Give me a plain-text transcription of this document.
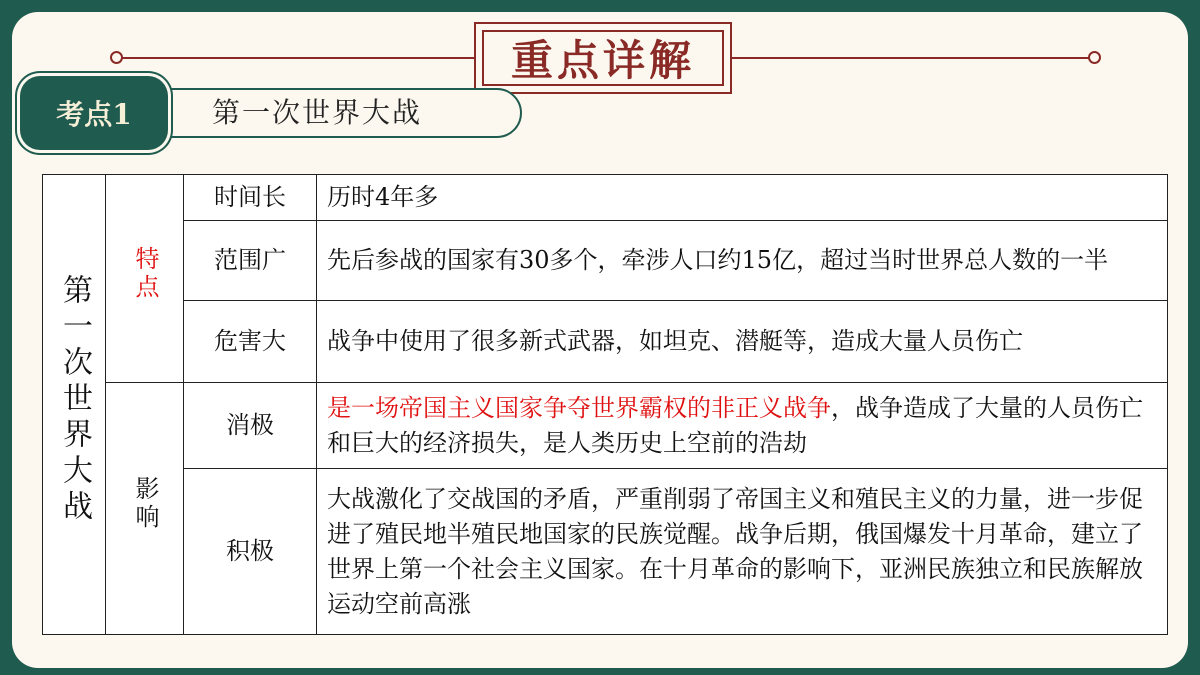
重点详解
第一次世界大战
考点1
第一次世界大战	特点	时间长	历时4年多
		范围广	先后参战的国家有30多个，牵涉人口约15亿，超过当时世界总人数的一半
		危害大	战争中使用了很多新式武器，如坦克、潜艇等，造成大量人员伤亡
	影响	消极	是一场帝国主义国家争夺世界霸权的非正义战争，战争造成了大量的人员伤亡和巨大的经济损失，是人类历史上空前的浩劫
		积极	大战激化了交战国的矛盾，严重削弱了帝国主义和殖民主义的力量，进一步促进了殖民地半殖民地国家的民族觉醒。战争后期，俄国爆发十月革命，建立了世界上第一个社会主义国家。在十月革命的影响下，亚洲民族独立和民族解放运动空前高涨
